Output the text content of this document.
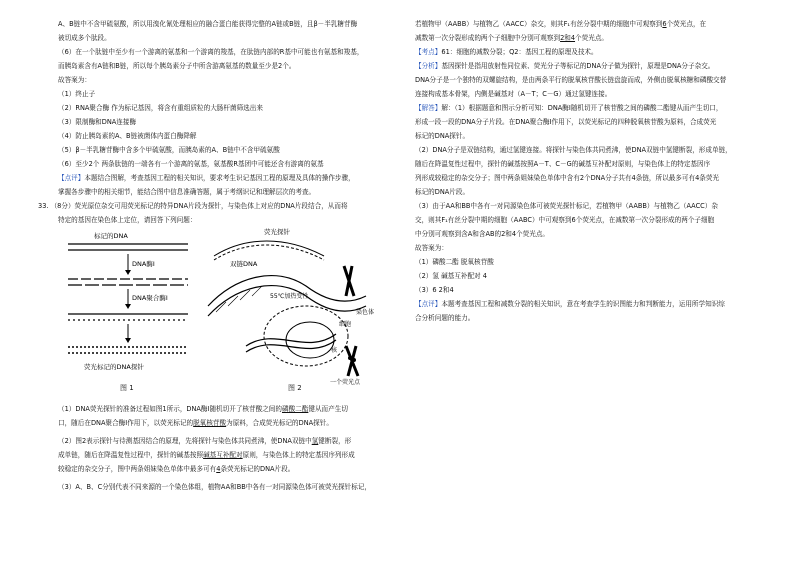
A、B链中不含甲硫氨酸，所以用溴化氰处理相应的融合蛋白能获得完整的A链或B链，且β－半乳糖苷酶
被切成多个肽段。
（6）在一个肽链中至少有一个游离的氨基和一个游离的羧基，在肽链内部的R基中可能也有氨基和羧基，
而胰岛素含有A链和B链，所以每个胰岛素分子中所含游离氨基的数量至少是2个。
故答案为：
（1）终止子
（2）RNA聚合酶 作为标记基因，将含有重组质粒的大肠杆菌筛选出来
（3）限制酶和DNA连接酶
（4）防止胰岛素的A、B链被菌体内蛋白酶降解
（5）β－半乳糖苷酶中含多个甲硫氨酸，而胰岛素的A、B链中不含甲硫氨酸
（6）至少2个 两条肽链的一端各有一个游离的氨基，氨基酸R基团中可能还含有游离的氨基
【点评】本题结合图解，考查基因工程的相关知识，要求考生识记基因工程的原理及具体的操作步骤，
掌握各步骤中的相关细节，能结合图中信息准确答题，属于考纲识记和理解层次的考查。
33. （8分）荧光原位杂交可用荧光标记的特异DNA片段为探针，与染色体上对应的DNA片段结合，从而将
特定的基因在染色体上定位，请回答下列问题：
标记的DNA
DNA酶Ⅰ
DNA聚合酶Ⅰ
荧光标记的DNA探针
图 1
荧光探针
双链DNA
55℃加热变性
细胞
染色体
核
一个荧光点
图 2
（1）DNA荧光探针的准备过程如图1所示，DNA酶Ⅰ随机切开了核苷酸之间的磷酸二酯键从而产生切
口，随后在DNA聚合酶Ⅰ作用下，以荧光标记的脱氧核苷酸为原料，合成荧光标记的DNA探针。
（2）图2表示探针与待测基因结合的原理，先将探针与染色体共同煮沸，使DNA双链中氢键断裂，形
成单链，随后在降温复性过程中，探针的碱基按照碱基互补配对原则，与染色体上的特定基因序列形成
较稳定的杂交分子，图中两条姐妹染色单体中最多可有4条荧光标记的DNA片段。
（3）A、B、C分别代表不同来源的一个染色体组，植物AA和BB中各有一对同源染色体可被荧光探针标记，
若植物甲（AABB）与植物乙（AACC）杂交，则其F₁有丝分裂中期的细胞中可观察到6个荧光点，在
减数第一次分裂形成的两个子细胞中分别可观察到2和4个荧光点。
【考点】61：细胞的减数分裂；Q2：基因工程的原理及技术。
【分析】基因探针是指用放射性同位素、荧光分子等标记的DNA分子做为探针，原理是DNA分子杂交。
DNA分子是一个独特的双螺旋结构，是由两条平行的脱氧核苷酸长链盘旋而成，外侧由脱氧核糖和磷酸交替
连接构成基本骨架，内侧是碱基对（A－T；C－G）通过氢键连接。
【解答】解：（1）根据题意和图示分析可知：DNA酶Ⅰ随机切开了核苷酸之间的磷酸二酯键从而产生切口，
形成一段一段的DNA分子片段。在DNA聚合酶Ⅰ作用下，以荧光标记的四种脱氧核苷酸为原料，合成荧光
标记的DNA探针。
（2）DNA分子是双链结构，通过氢键连接。将探针与染色体共同煮沸，使DNA双链中氢键断裂，形成单链，
随后在降温复性过程中，探针的碱基按照A－T、C－G的碱基互补配对原则，与染色体上的特定基因序
列形成较稳定的杂交分子；图中两条姐妹染色单体中含有2个DNA分子共有4条链，所以最多可有4条荧光
标记的DNA片段。
（3）由于AA和BB中各有一对同源染色体可被荧光探针标记，若植物甲（AABB）与植物乙（AACC）杂
交，则其F₁有丝分裂中期的细胞（AABC）中可观察到6个荧光点，在减数第一次分裂形成的两个子细胞
中分别可观察到含A和含AB的2和4个荧光点。
故答案为：
（1）磷酸二酯 脱氧核苷酸
（2）氢 碱基互补配对 4
（3）6 2和4
【点评】本题考查基因工程和减数分裂的相关知识，意在考查学生的识图能力和判断能力，运用所学知识综
合分析问题的能力。
